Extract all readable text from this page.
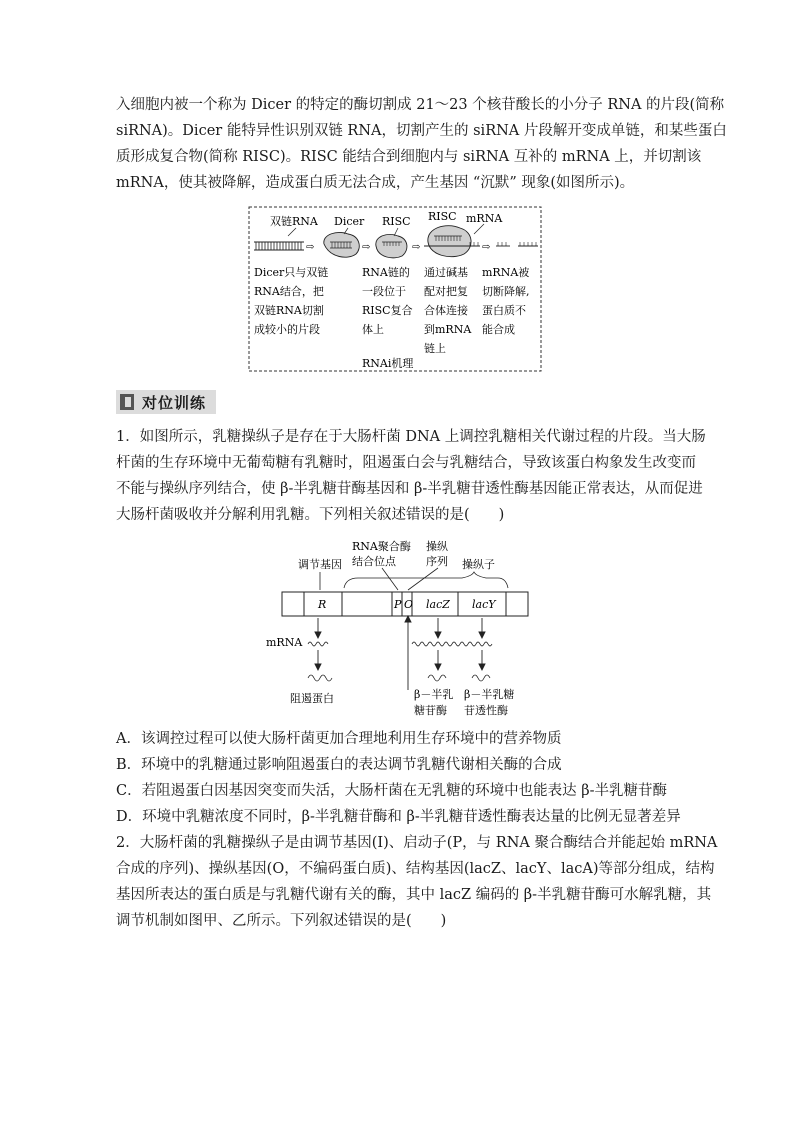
入细胞内被一个称为 Dicer 的特定的酶切割成 21～23 个核苷酸长的小分子 RNA 的片段(简称
siRNA)。Dicer 能特异性识别双链 RNA，切割产生的 siRNA 片段解开变成单链，和某些蛋白
质形成复合物(简称 RISC)。RISC 能结合到细胞内与 siRNA 互补的 mRNA 上，并切割该
mRNA，使其被降解，造成蛋白质无法合成，产生基因 “沉默” 现象(如图所示)。
双链RNA Dicer RISC RISC mRNA
⇨	⇨	⇨	⇨
Dicer只与双链
RNA结合，把
双链RNA切割
成较小的片段
RNA链的
一段位于
RISC复合
体上
通过碱基
配对把复
合体连接
到mRNA
链上
mRNA被
切断降解,
蛋白质不
能合成
RNAi机理
对位训练
1．如图所示，乳糖操纵子是存在于大肠杆菌 DNA 上调控乳糖相关代谢过程的片段。当大肠
杆菌的生存环境中无葡萄糖有乳糖时，阻遏蛋白会与乳糖结合，导致该蛋白构象发生改变而
不能与操纵序列结合，使 β-半乳糖苷酶基因和 β-半乳糖苷透性酶基因能正常表达，从而促进
大肠杆菌吸收并分解利用乳糖。下列相关叙述错误的是(　　)
RNA聚合酶
结合位点
操纵
序列
调节基因	操纵子
R	P O lacZ lacY
mRNA
阻遏蛋白	β－半乳
糖苷酶
β－半乳糖
苷透性酶
A．该调控过程可以使大肠杆菌更加合理地利用生存环境中的营养物质
B．环境中的乳糖通过影响阻遏蛋白的表达调节乳糖代谢相关酶的合成
C．若阻遏蛋白因基因突变而失活，大肠杆菌在无乳糖的环境中也能表达 β-半乳糖苷酶
D．环境中乳糖浓度不同时，β-半乳糖苷酶和 β-半乳糖苷透性酶表达量的比例无显著差异
2．大肠杆菌的乳糖操纵子是由调节基因(I)、启动子(P，与 RNA 聚合酶结合并能起始 mRNA
合成的序列)、操纵基因(O，不编码蛋白质)、结构基因(lacZ、lacY、lacA)等部分组成，结构
基因所表达的蛋白质是与乳糖代谢有关的酶，其中 lacZ 编码的 β-半乳糖苷酶可水解乳糖，其
调节机制如图甲、乙所示。下列叙述错误的是(　　)
